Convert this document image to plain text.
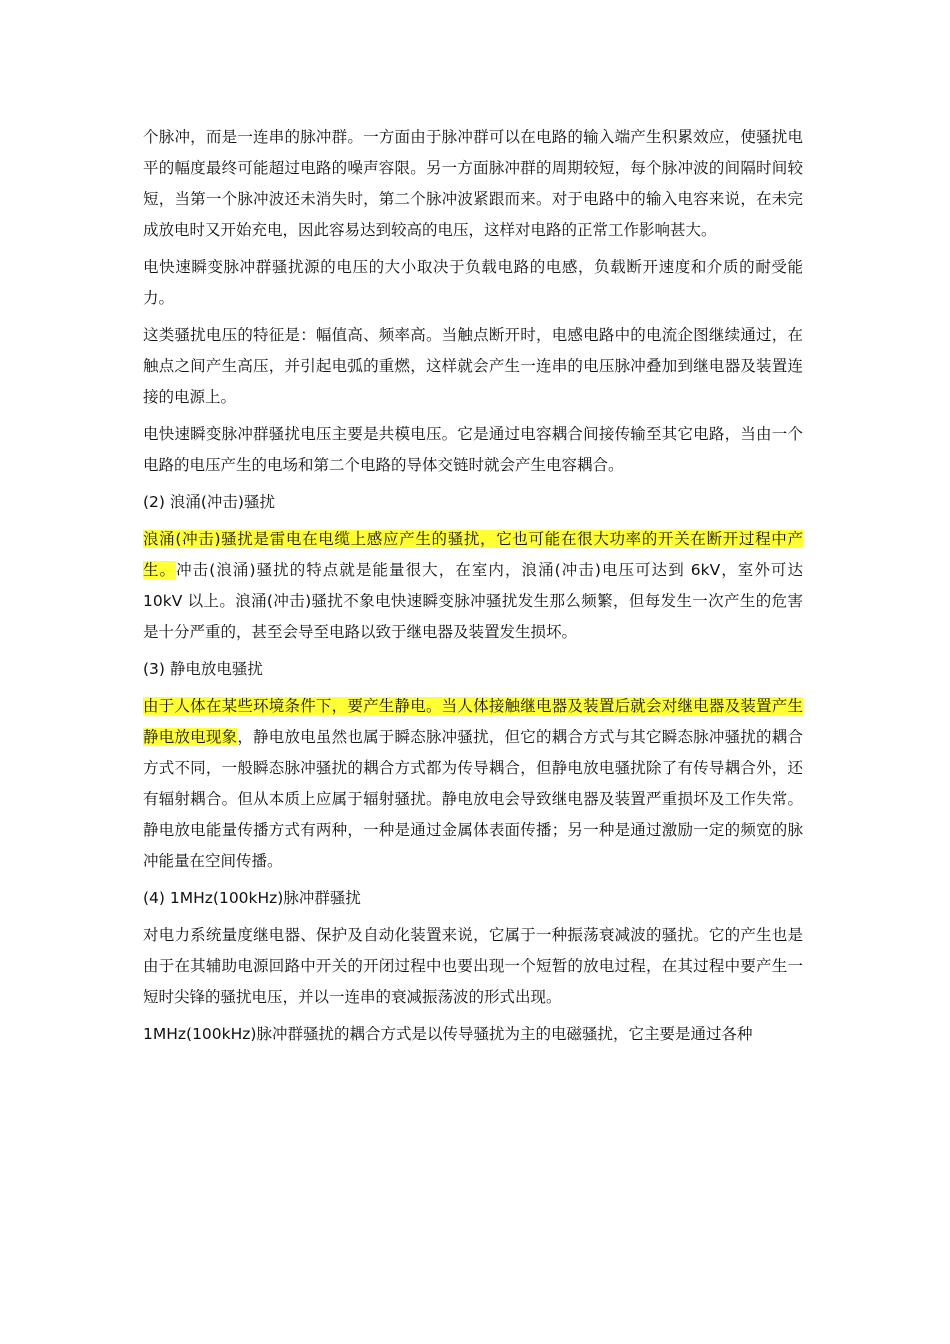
个脉冲，而是一连串的脉冲群。一方面由于脉冲群可以在电路的输入端产生积累效应，使骚扰电平的幅度最终可能超过电路的噪声容限。另一方面脉冲群的周期较短，每个脉冲波的间隔时间较短，当第一个脉冲波还未消失时，第二个脉冲波紧跟而来。对于电路中的输入电容来说，在未完成放电时又开始充电，因此容易达到较高的电压，这样对电路的正常工作影响甚大。

电快速瞬变脉冲群骚扰源的电压的大小取决于负载电路的电感，负载断开速度和介质的耐受能力。

这类骚扰电压的特征是：幅值高、频率高。当触点断开时，电感电路中的电流企图继续通过，在触点之间产生高压，并引起电弧的重燃，这样就会产生一连串的电压脉冲叠加到继电器及装置连接的电源上。

电快速瞬变脉冲群骚扰电压主要是共模电压。它是通过电容耦合间接传输至其它电路，当由一个电路的电压产生的电场和第二个电路的导体交链时就会产生电容耦合。

(2) 浪涌(冲击)骚扰

浪涌(冲击)骚扰是雷电在电缆上感应产生的骚扰，它也可能在很大功率的开关在断开过程中产生。冲击(浪涌)骚扰的特点就是能量很大，在室内，浪涌(冲击)电压可达到 6kV，室外可达 10kV 以上。浪涌(冲击)骚扰不象电快速瞬变脉冲骚扰发生那么频繁，但每发生一次产生的危害是十分严重的，甚至会导至电路以致于继电器及装置发生损坏。

(3) 静电放电骚扰

由于人体在某些环境条件下，要产生静电。当人体接触继电器及装置后就会对继电器及装置产生静电放电现象，静电放电虽然也属于瞬态脉冲骚扰，但它的耦合方式与其它瞬态脉冲骚扰的耦合方式不同，一般瞬态脉冲骚扰的耦合方式都为传导耦合，但静电放电骚扰除了有传导耦合外，还有辐射耦合。但从本质上应属于辐射骚扰。静电放电会导致继电器及装置严重损坏及工作失常。静电放电能量传播方式有两种，一种是通过金属体表面传播；另一种是通过激励一定的频宽的脉冲能量在空间传播。

(4) 1MHz(100kHz)脉冲群骚扰

对电力系统量度继电器、保护及自动化装置来说，它属于一种振荡衰减波的骚扰。它的产生也是由于在其辅助电源回路中开关的开闭过程中也要出现一个短暂的放电过程，在其过程中要产生一短时尖锋的骚扰电压，并以一连串的衰减振荡波的形式出现。

1MHz(100kHz)脉冲群骚扰的耦合方式是以传导骚扰为主的电磁骚扰，它主要是通过各种
